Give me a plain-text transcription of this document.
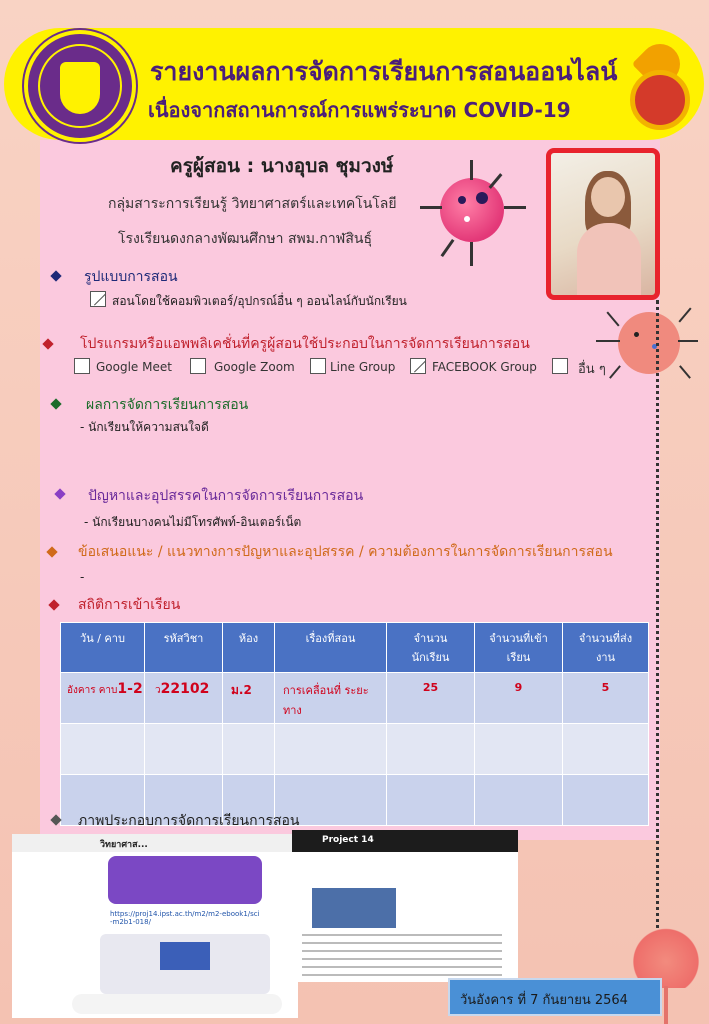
รายงานผลการจัดการเรียนการสอนออนไลน์
เนื่องจากสถานการณ์การแพร่ระบาด COVID-19
ครูผู้สอน : นางอุบล ชุมวงษ์
กลุ่มสาระการเรียนรู้ วิทยาศาสตร์และเทคโนโลยี
โรงเรียนดงกลางพัฒนศึกษา สพม.กาฬสินธุ์
รูปแบบการสอน
สอนโดยใช้คอมพิวเตอร์/อุปกรณ์อื่น ๆ ออนไลน์กับนักเรียน
โปรแกรมหรือแอพพลิเคชั่นที่ครูผู้สอนใช้ประกอบในการจัดการเรียนการสอน
Google Meet	Google Zoom	Line Group	FACEBOOK Group	อื่น ๆ
ผลการจัดการเรียนการสอน
- นักเรียนให้ความสนใจดี
ปัญหาและอุปสรรคในการจัดการเรียนการสอน
- นักเรียนบางคนไม่มีโทรศัพท์-อินเตอร์เน็ต
ข้อเสนอแนะ / แนวทางการปัญหาและอุปสรรค / ความต้องการในการจัดการเรียนการสอน
-
สถิติการเข้าเรียน
วัน / คาบ	รหัสวิชา	ห้อง	เรื่องที่สอน	จำนวน นักเรียน	จำนวนที่เข้า เรียน	จำนวนที่ส่ง งาน
อังคาร คาบ1-2	ว22102	ม.2	การเคลื่อนที่ ระยะทาง	25	9	5

ภาพประกอบการจัดการเรียนการสอน
วิทยาศาส...
https://proj14.ipst.ac.th/m2/m2-ebook1/sci-m2b1-018/
Project 14
วันอังคาร ที่ 7 กันยายน 2564
